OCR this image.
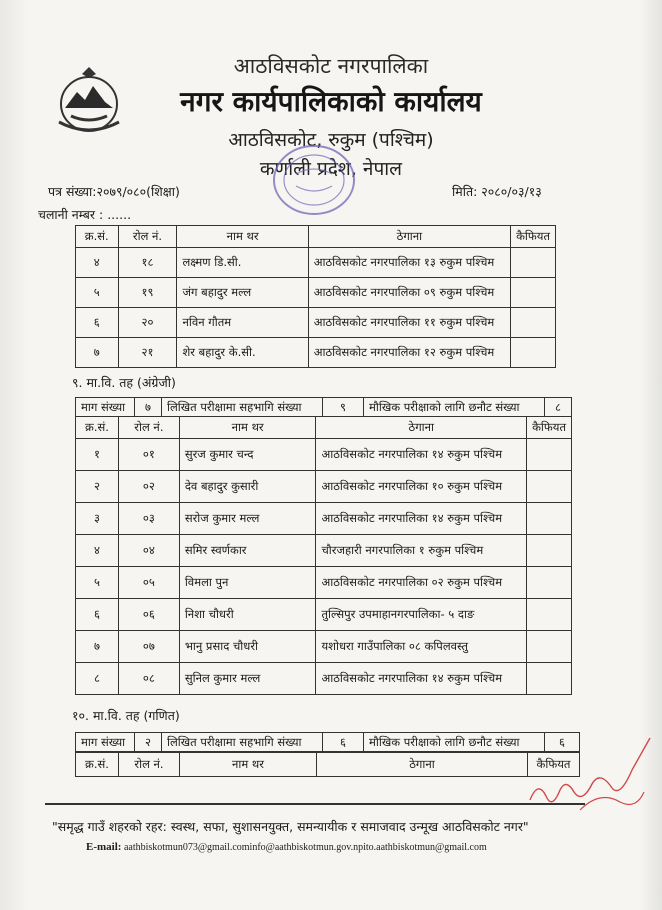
आठविसकोट नगरपालिका
नगर कार्यपालिकाको कार्यालय
आठविसकोट, रुकुम (पश्चिम)
कर्णाली प्रदेश, नेपाल
पत्र संख्या:२०७९/०८०(शिक्षा)	मिति: २०८०/०३/१३
चलानी नम्बर : ......
क्र.सं.	रोल नं.	नाम थर	ठेगाना	कैफियत
४	१८	लक्ष्मण डि.सी.	आठविसकोट नगरपालिका १३ रुकुम पश्चिम	
५	१९	जंग बहादुर मल्ल	आठविसकोट नगरपालिका ०९ रुकुम पश्चिम	
६	२०	नविन गौतम	आठविसकोट नगरपालिका ११ रुकुम पश्चिम	
७	२१	शेर बहादुर के.सी.	आठविसकोट नगरपालिका १२ रुकुम पश्चिम	
९. मा.वि. तह (अंग्रेजी)
माग संख्या	७	लिखित परीक्षामा सहभागि संख्या	९	मौखिक परीक्षाको लागि छनौट संख्या	८
क्र.सं.	रोल नं.	नाम थर	ठेगाना	कैफियत
१	०१	सुरज कुमार चन्द	आठविसकोट नगरपालिका १४ रुकुम पश्चिम	
२	०२	देव बहादुर कुसारी	आठविसकोट नगरपालिका १० रुकुम पश्चिम	
३	०३	सरोज कुमार मल्ल	आठविसकोट नगरपालिका १४ रुकुम पश्चिम	
४	०४	समिर स्वर्णकार	चौरजहारी नगरपालिका १ रुकुम पश्चिम	
५	०५	विमला पुन	आठविसकोट नगरपालिका ०२ रुकुम पश्चिम	
६	०६	निशा चौधरी	तुल्सिपुर उपमाहानगरपालिका- ५ दाङ	
७	०७	भानु प्रसाद चौधरी	यशोधरा गाउँपालिका ०८ कपिलवस्तु	
८	०८	सुनिल कुमार मल्ल	आठविसकोट नगरपालिका १४ रुकुम पश्चिम	
१०. मा.वि. तह (गणित)
माग संख्या	२	लिखित परीक्षामा सहभागि संख्या	६	मौखिक परीक्षाको लागि छनौट संख्या	६
क्र.सं.	रोल नं.	नाम थर	ठेगाना	कैफियत
"समृद्ध गाउँ शहरको रहर: स्वस्थ, सफा, सुशासनयुक्त, समन्यायीक र समाजवाद उन्मूख आठविसकोट नगर"
E-mail: aathbiskotmun073@gmail.cominfo@aathbiskotmun.gov.npito.aathbiskotmun@gmail.com
